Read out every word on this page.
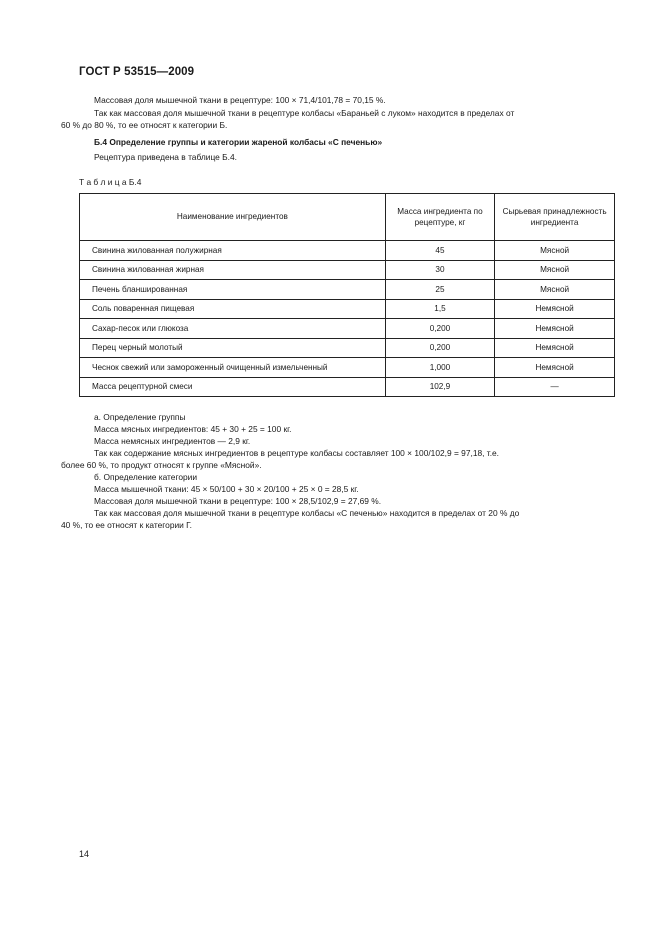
ГОСТ Р 53515—2009
Массовая доля мышечной ткани в рецептуре: 100 × 71,4/101,78 = 70,15 %.
Так как массовая доля мышечной ткани в рецептуре колбасы «Бараньей с луком» находится в пределах от
60 % до 80 %, то ее относят к категории Б.
Б.4 Определение группы и категории жареной колбасы «С печенью»
Рецептура приведена в таблице Б.4.
Т а б л и ц а Б.4
Наименование ингредиентов	Масса ингредиента по рецептуре, кг	Сырьевая принадлежность ингредиента
Свинина жилованная полужирная	45	Мясной
Свинина жилованная жирная	30	Мясной
Печень бланшированная	25	Мясной
Соль поваренная пищевая	1,5	Немясной
Сахар-песок или глюкоза	0,200	Немясной
Перец черный молотый	0,200	Немясной
Чеснок свежий или замороженный очищенный измельченный	1,000	Немясной
Масса рецептурной смеси	102,9	—
а. Определение группы
Масса мясных ингредиентов: 45 + 30 + 25 = 100 кг.
Масса немясных ингредиентов — 2,9 кг.
Так как содержание мясных ингредиентов в рецептуре колбасы составляет 100 × 100/102,9 = 97,18, т.е.
более 60 %, то продукт относят к группе «Мясной».
б. Определение категории
Масса мышечной ткани: 45 × 50/100 + 30 × 20/100 + 25 × 0 = 28,5 кг.
Массовая доля мышечной ткани в рецептуре: 100 × 28,5/102,9 = 27,69 %.
Так как массовая доля мышечной ткани в рецептуре колбасы «С печенью» находится в пределах от 20 % до
40 %, то ее относят к категории Г.
14
